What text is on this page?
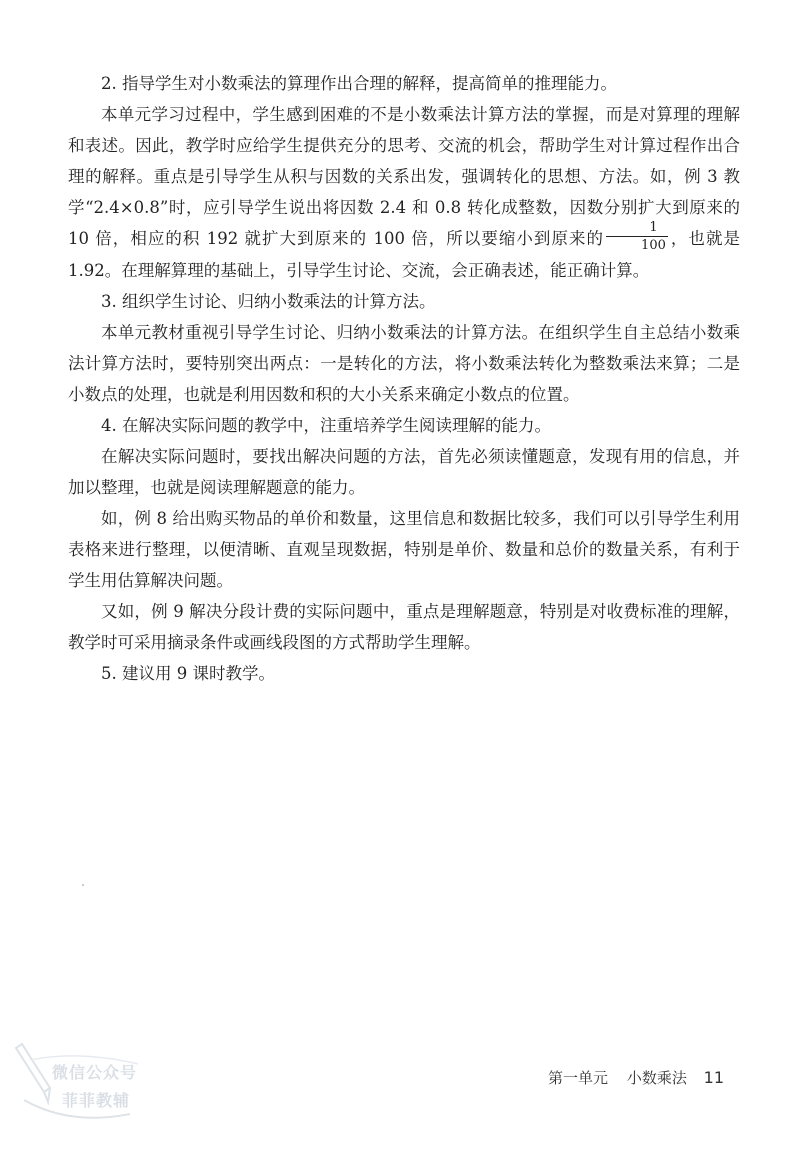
2. 指导学生对小数乘法的算理作出合理的解释，提高简单的推理能力。

本单元学习过程中，学生感到困难的不是小数乘法计算方法的掌握，而是对算理的理解和表述。因此，教学时应给学生提供充分的思考、交流的机会，帮助学生对计算过程作出合理的解释。重点是引导学生从积与因数的关系出发，强调转化的思想、方法。如，例 3 教学“2.4×0.8”时，应引导学生说出将因数 2.4 和 0.8 转化成整数，因数分别扩大到原来的 10 倍，相应的积 192 就扩大到原来的 100 倍，所以要缩小到原来的 $\frac{1}{100}$ ，也就是 1.92。在理解算理的基础上，引导学生讨论、交流，会正确表述，能正确计算。

3. 组织学生讨论、归纳小数乘法的计算方法。

本单元教材重视引导学生讨论、归纳小数乘法的计算方法。在组织学生自主总结小数乘法计算方法时，要特别突出两点：一是转化的方法，将小数乘法转化为整数乘法来算；二是小数点的处理，也就是利用因数和积的大小关系来确定小数点的位置。

4. 在解决实际问题的教学中，注重培养学生阅读理解的能力。

在解决实际问题时，要找出解决问题的方法，首先必须读懂题意，发现有用的信息，并加以整理，也就是阅读理解题意的能力。

如，例 8 给出购买物品的单价和数量，这里信息和数据比较多，我们可以引导学生利用表格来进行整理，以便清晰、直观呈现数据，特别是单价、数量和总价的数量关系，有利于学生用估算解决问题。

又如，例 9 解决分段计费的实际问题中，重点是理解题意，特别是对收费标准的理解，教学时可采用摘录条件或画线段图的方式帮助学生理解。

5. 建议用 9 课时教学。

微信公众号
菲菲教辅
第一单元 小数乘法 11
